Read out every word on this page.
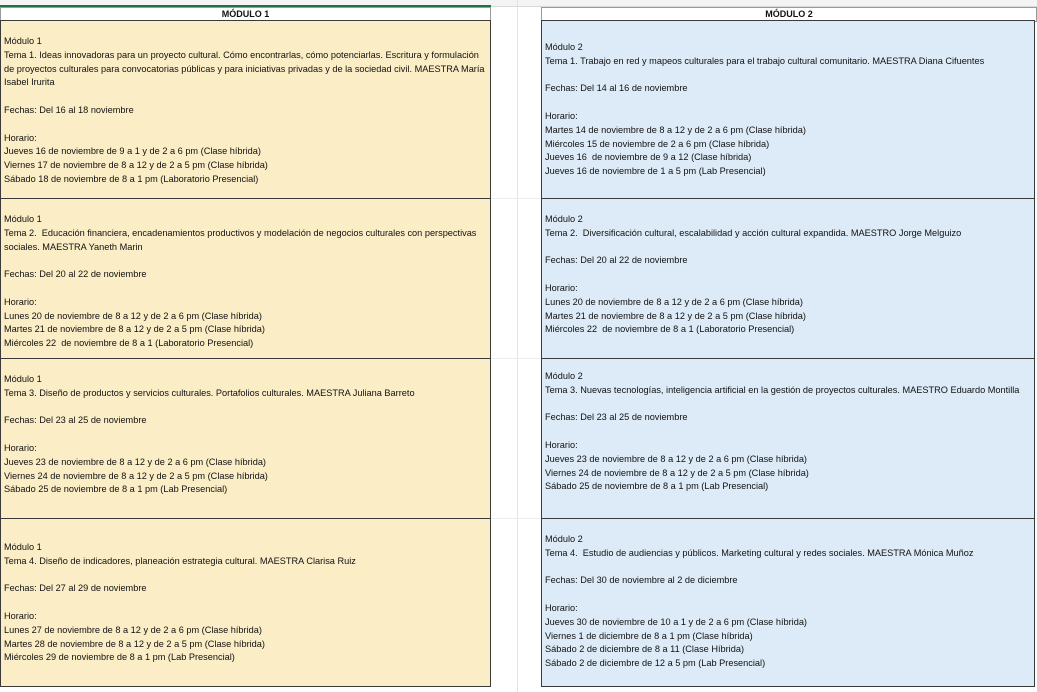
MÓDULO 1	MÓDULO 2

Módulo 1

Tema 1. Ideas innovadoras para un proyecto cultural. Cómo encontrarlas, cómo potenciarlas. Escritura y formulación de proyectos culturales para convocatorias públicas y para iniciativas privadas y de la sociedad civil. MAESTRA María Isabel Irurita

Fechas: Del 16 al 18 noviembre

Horario:

Jueves 16 de noviembre de 9 a 1 y de 2 a 6 pm (Clase híbrida)

Viernes 17 de noviembre de 8 a 12 y de 2 a 5 pm (Clase híbrida)

Sábado 18 de noviembre de 8 a 1 pm (Laboratorio Presencial)

Módulo 1

Tema 2.  Educación financiera, encadenamientos productivos y modelación de negocios culturales con perspectivas sociales. MAESTRA Yaneth Marin

Fechas: Del 20 al 22 de noviembre

Horario:

Lunes 20 de noviembre de 8 a 12 y de 2 a 6 pm (Clase híbrida)

Martes 21 de noviembre de 8 a 12 y de 2 a 5 pm (Clase híbrida)

Miércoles 22  de noviembre de 8 a 1 (Laboratorio Presencial)

Módulo 1

Tema 3. Diseño de productos y servicios culturales. Portafolios culturales. MAESTRA Juliana Barreto

Fechas: Del 23 al 25 de noviembre

Horario:

Jueves 23 de noviembre de 8 a 12 y de 2 a 6 pm (Clase híbrida)

Viernes 24 de noviembre de 8 a 12 y de 2 a 5 pm (Clase híbrida)

Sábado 25 de noviembre de 8 a 1 pm (Lab Presencial)

Módulo 1

Tema 4. Diseño de indicadores, planeación estrategia cultural. MAESTRA Clarisa Ruiz

Fechas: Del 27 al 29 de noviembre

Horario:

Lunes 27 de noviembre de 8 a 12 y de 2 a 6 pm (Clase híbrida)

Martes 28 de noviembre de 8 a 12 y de 2 a 5 pm (Clase híbrida)

Miércoles 29 de noviembre de 8 a 1 pm (Lab Presencial)

Módulo 2

Tema 1. Trabajo en red y mapeos culturales para el trabajo cultural comunitario. MAESTRA Diana Cifuentes

Fechas: Del 14 al 16 de noviembre

Horario:

Martes 14 de noviembre de 8 a 12 y de 2 a 6 pm (Clase híbrida)

Miércoles 15 de noviembre de 2 a 6 pm (Clase híbrida)

Jueves 16  de noviembre de 9 a 12 (Clase híbrida)

Jueves 16 de noviembre de 1 a 5 pm (Lab Presencial)

Módulo 2

Tema 2.  Diversificación cultural, escalabilidad y acción cultural expandida. MAESTRO Jorge Melguizo

Fechas: Del 20 al 22 de noviembre

Horario:

Lunes 20 de noviembre de 8 a 12 y de 2 a 6 pm (Clase híbrida)

Martes 21 de noviembre de 8 a 12 y de 2 a 5 pm (Clase híbrida)

Miércoles 22  de noviembre de 8 a 1 (Laboratorio Presencial)

Módulo 2

Tema 3. Nuevas tecnologías, inteligencia artificial en la gestión de proyectos culturales. MAESTRO Eduardo Montilla

Fechas: Del 23 al 25 de noviembre

Horario:

Jueves 23 de noviembre de 8 a 12 y de 2 a 6 pm (Clase híbrida)

Viernes 24 de noviembre de 8 a 12 y de 2 a 5 pm (Clase híbrida)

Sábado 25 de noviembre de 8 a 1 pm (Lab Presencial)

Módulo 2

Tema 4.  Estudio de audiencias y públicos. Marketing cultural y redes sociales. MAESTRA Mónica Muñoz

Fechas: Del 30 de noviembre al 2 de diciembre

Horario:

Jueves 30 de noviembre de 10 a 1 y de 2 a 6 pm (Clase híbrida)

Viernes 1 de diciembre de 8 a 1 pm (Clase híbrida)

Sábado 2 de diciembre de 8 a 11 (Clase Híbrida)

Sábado 2 de diciembre de 12 a 5 pm (Lab Presencial)
